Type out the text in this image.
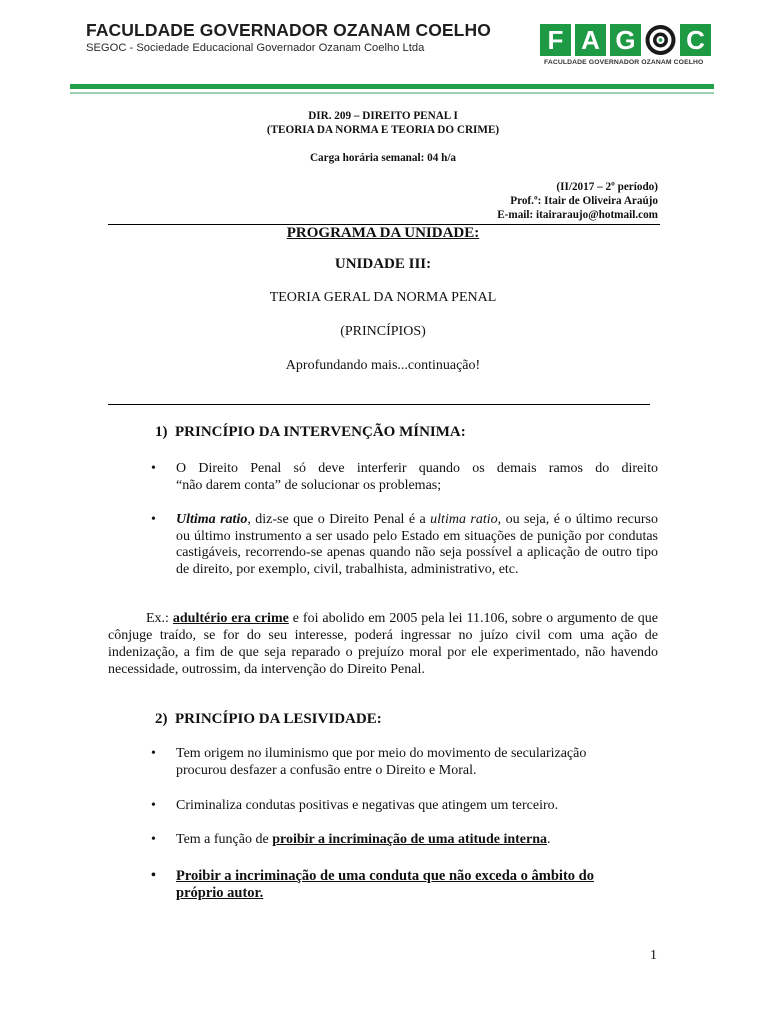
FACULDADE GOVERNADOR OZANAM COELHO
SEGOC - Sociedade Educacional Governador Ozanam Coelho Ltda	F A G C
FACULDADE GOVERNADOR OZANAM COELHO
DIR. 209 – DIREITO PENAL I
(TEORIA DA NORMA E TEORIA DO CRIME)
Carga horária semanal: 04 h/a
(II/2017 – 2º período)
Prof.º: Itair de Oliveira Araújo
E-mail: itairaraujo@hotmail.com
PROGRAMA DA UNIDADE:
UNIDADE III:
TEORIA GERAL DA NORMA PENAL
(PRINCÍPIOS)
Aprofundando mais...continuação!
1)  PRINCÍPIO DA INTERVENÇÃO MÍNIMA:
• O Direito Penal só deve interferir quando os demais ramos do direito
“não darem conta” de solucionar os problemas;
• Ultima ratio, diz-se que o Direito Penal é a ultima ratio, ou seja, é o último recurso ou último instrumento a ser usado pelo Estado em situações de punição por condutas castigáveis, recorrendo-se apenas quando não seja possível a aplicação de outro tipo de direito, por exemplo, civil, trabalhista, administrativo, etc.
Ex.: adultério era crime e foi abolido em 2005 pela lei 11.106, sobre o argumento de que cônjuge traído, se for do seu interesse, poderá ingressar no juízo civil com uma ação de indenização, a fim de que seja reparado o prejuízo moral por ele experimentado, não havendo necessidade, outrossim, da intervenção do Direito Penal.
2)  PRINCÍPIO DA LESIVIDADE:
• Tem origem no iluminismo que por meio do movimento de secularização
procurou desfazer a confusão entre o Direito e Moral.
• Criminaliza condutas positivas e negativas que atingem um terceiro.
• Tem a função de proibir a incriminação de uma atitude interna.
• Proibir a incriminação de uma conduta que não exceda o âmbito do
próprio autor.
1
